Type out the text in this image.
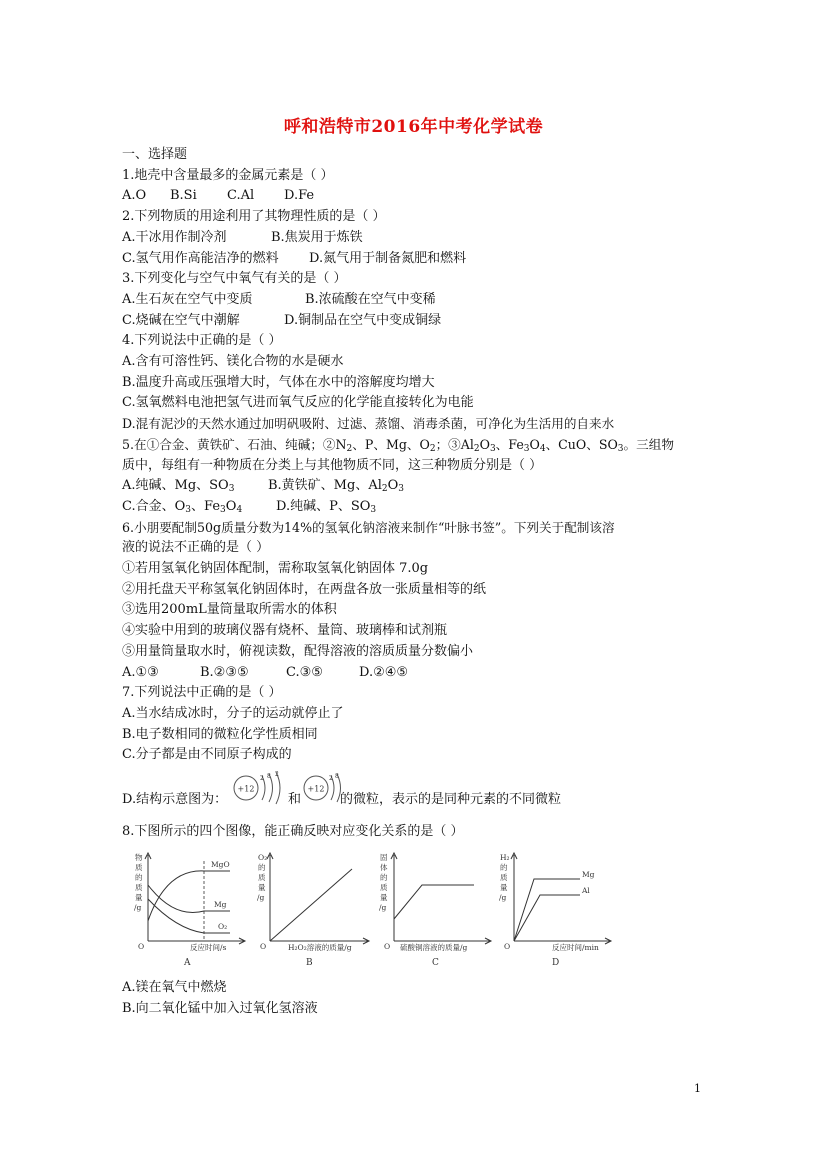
呼和浩特市2016年中考化学试卷
一、选择题
1.地壳中含量最多的金属元素是（ ）
A.O B.Si C.Al D.Fe
2.下列物质的用途利用了其物理性质的是（ ）
A.干冰用作制冷剂	B.焦炭用于炼铁
C.氢气用作高能洁净的燃料 D.氮气用于制备氮肥和燃料
3.下列变化与空气中氧气有关的是（ ）
A.生石灰在空气中变质	B.浓硫酸在空气中变稀
C.烧碱在空气中潮解	D.铜制品在空气中变成铜绿
4.下列说法中正确的是（ ）
A.含有可溶性钙、镁化合物的水是硬水
B.温度升高或压强增大时，气体在水中的溶解度均增大
C.氢氧燃料电池把氢气进而氧气反应的化学能直接转化为电能
D.混有泥沙的天然水通过加明矾吸附、过滤、蒸馏、消毒杀菌，可净化为生活用的自来水
5.在①合金、黄铁矿、石油、纯碱；$②N_2$、P、Mg、$O_2$；$③Al_2O_3$、$Fe_3O_4$、CuO、$SO_3$。三组物
质中，每组有一种物质在分类上与其他物质不同，这三种物质分别是（ ）
A.纯碱、Mg、$SO_3$	B.黄铁矿、Mg、$Al_2O_3$
C.合金、$O_3$、$Fe_3O_4$	D.纯碱、P、$SO_3$
6.小朋要配制50g质量分数为14%的氢氧化钠溶液来制作“叶脉书签”。下列关于配制该溶
液的说法不正确的是（ ）
①若用氢氧化钠固体配制，需称取氢氧化钠固体 7.0g
②用托盘天平称氢氧化钠固体时，在两盘各放一张质量相等的纸
③选用200mL量筒量取所需水的体积
④实验中用到的玻璃仪器有烧杯、量筒、玻璃棒和试剂瓶
⑤用量筒量取水时，俯视读数，配得溶液的溶质质量分数偏小
A.①③	B.②③⑤	C.③⑤	D.②④⑤
7.下列说法中正确的是（ ）
A.当水结成冰时，分子的运动就停止了
B.电子数相同的微粒化学性质相同
C.分子都是由不同原子构成的
D.结构示意图为：
+12
2 8 2
和
+12
2 8
的微粒，表示的是同种元素的不同微粒
8.下图所示的四个图像，能正确反映对应变化关系的是（ ）
物
质
的
质
量
/g
MgO
Mg
O₂
O	反应时间/s
A
O₂
的
质
量
/g
O	H₂O₂溶液的质量/g
B
固
体
的
质
量
/g
O 硫酸铜溶液的质量/g
C
H₂
的
质
量
/g
Mg
Al
O	反应时间/min
D
A.镁在氧气中燃烧
B.向二氧化锰中加入过氧化氢溶液
1
